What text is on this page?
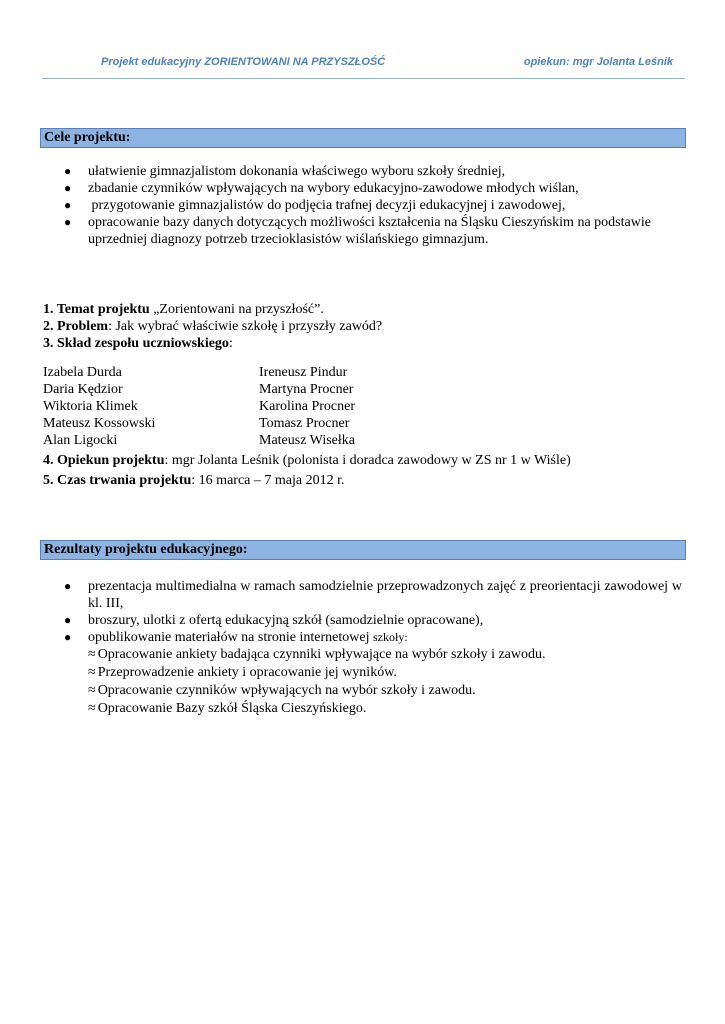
Projekt edukacyjny ZORIENTOWANI NA PRZYSZŁOŚĆ	opiekun: mgr Jolanta Leśnik
Cele projektu:
● ułatwienie gimnazjalistom dokonania właściwego wyboru szkoły średniej,
● zbadanie czynników wpływających na wybory edukacyjno-zawodowe młodych wiślan,
● przygotowanie gimnazjalistów do podjęcia trafnej decyzji edukacyjnej i zawodowej,
● opracowanie bazy danych dotyczących możliwości kształcenia na Śląsku Cieszyńskim na podstawie uprzedniej diagnozy potrzeb trzecioklasistów wiślańskiego gimnazjum.
1. Temat projektu „Zorientowani na przyszłość”.
2. Problem: Jak wybrać właściwie szkołę i przyszły zawód?
3. Skład zespołu uczniowskiego:
Izabela Durda
Daria Kędzior
Wiktoria Klimek
Mateusz Kossowski
Alan Ligocki
Ireneusz Pindur
Martyna Procner
Karolina Procner
Tomasz Procner
Mateusz Wisełka
4. Opiekun projektu: mgr Jolanta Leśnik (polonista i doradca zawodowy w ZS nr 1 w Wiśle)
5. Czas trwania projektu: 16 marca – 7 maja 2012 r.
Rezultaty projektu edukacyjnego:
● prezentacja multimedialna w ramach samodzielnie przeprowadzonych zajęć z preorientacji zawodowej w kl. III,
● broszury, ulotki z ofertą edukacyjną szkół (samodzielnie opracowane),
● opublikowanie materiałów na stronie internetowej szkoły:
≈ Opracowanie ankiety badająca czynniki wpływające na wybór szkoły i zawodu.
≈ Przeprowadzenie ankiety i opracowanie jej wyników.
≈ Opracowanie czynników wpływających na wybór szkoły i zawodu.
≈ Opracowanie Bazy szkół Śląska Cieszyńskiego.
